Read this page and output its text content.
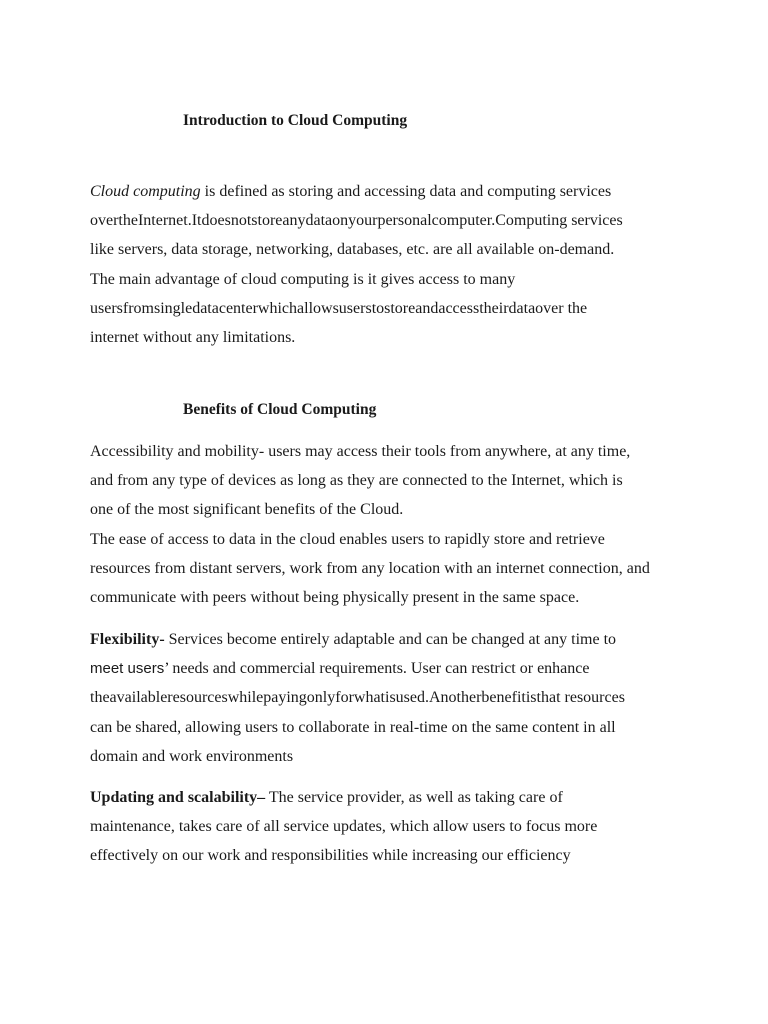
Introduction to Cloud Computing
Cloud computing is defined as storing and accessing data and computing services
overtheInternet.Itdoesnotstoreanydataonyourpersonalcomputer.Computing services
like servers, data storage, networking, databases, etc. are all available on-demand.
The main advantage of cloud computing is it gives access to many
usersfromsingledatacenterwhichallowsuserstostoreandaccesstheirdataover the
internet without any limitations.
Benefits of Cloud Computing
Accessibility and mobility- users may access their tools from anywhere, at any time,
and from any type of devices as long as they are connected to the Internet, which is
one of the most significant benefits of the Cloud.
The ease of access to data in the cloud enables users to rapidly store and retrieve
resources from distant servers, work from any location with an internet connection, and
communicate with peers without being physically present in the same space.
Flexibility- Services become entirely adaptable and can be changed at any time to
meet users’ needs and commercial requirements. User can restrict or enhance
theavailableresourceswhilepayingonlyforwhatisused.Anotherbenefitisthat resources
can be shared, allowing users to collaborate in real-time on the same content in all
domain and work environments
Updating and scalability– The service provider, as well as taking care of
maintenance, takes care of all service updates, which allow users to focus more
effectively on our work and responsibilities while increasing our efficiency
